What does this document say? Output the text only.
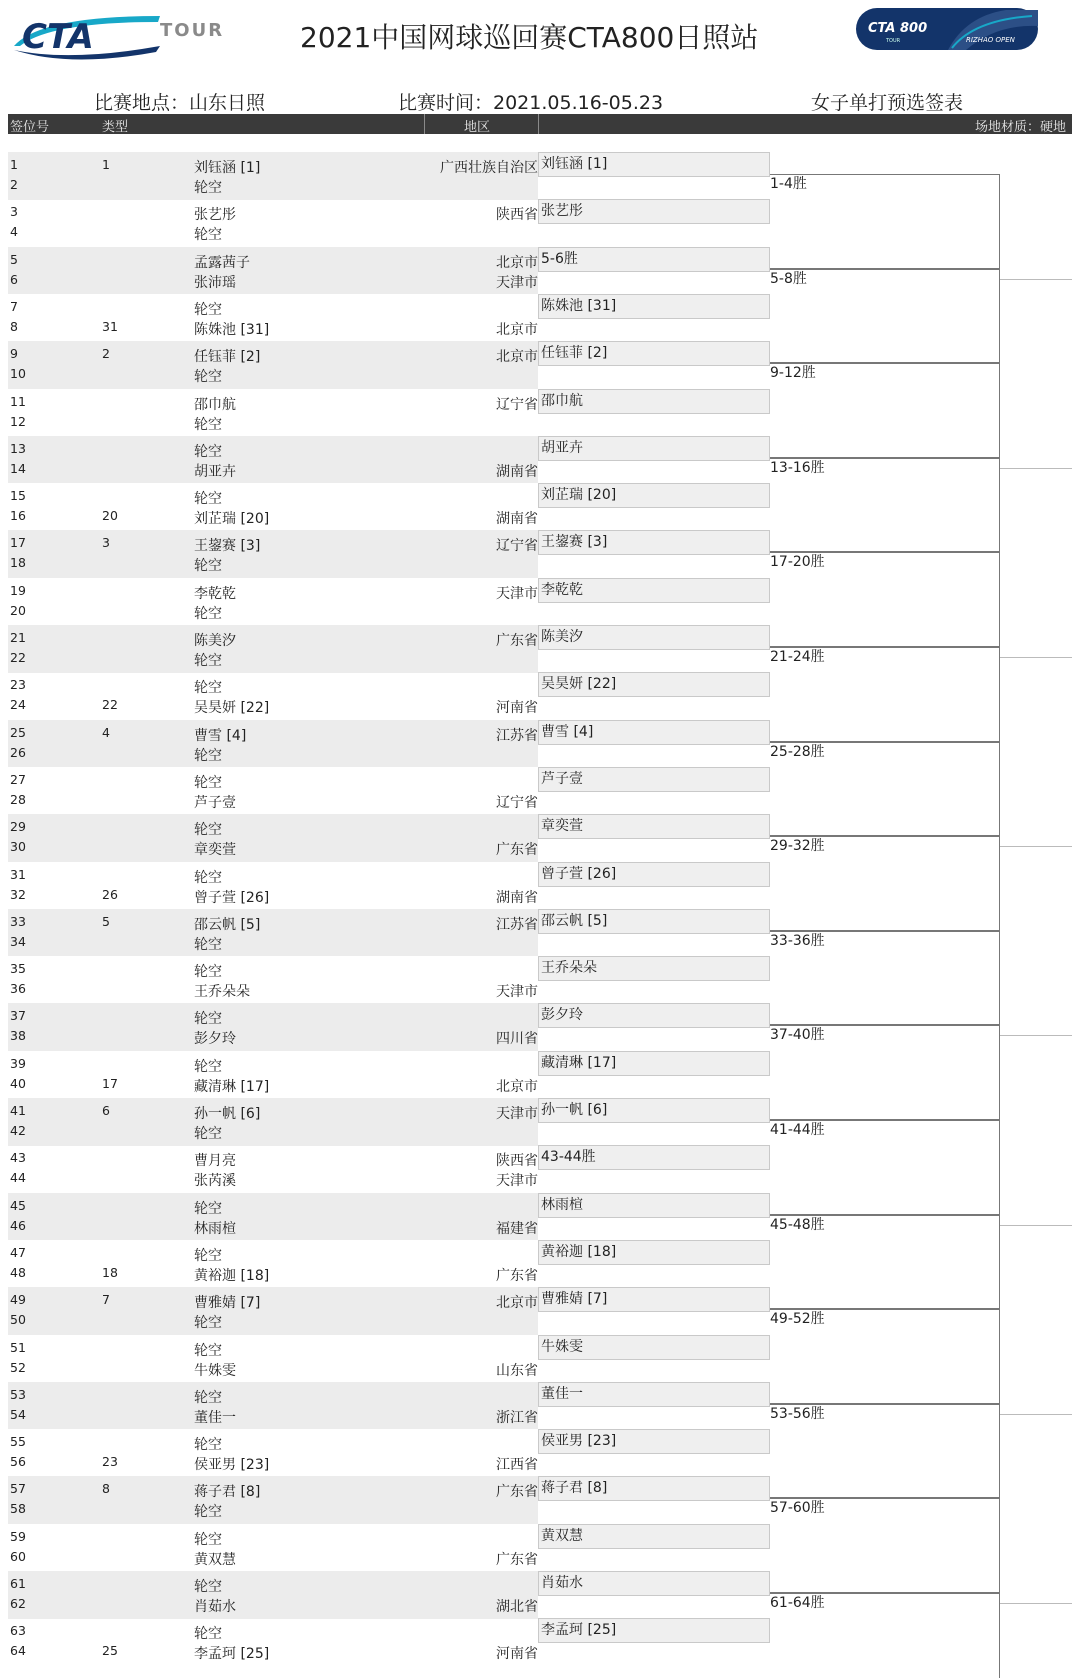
CTA	TOUR	2021中国网球巡回赛CTA800日照站	CTA 800
TOUR	RIZHAO OPEN
比赛地点：山东日照	比赛时间：2021.05.16-05.23	女子单打预选签表
签位号	类型	地区	场地材质：硬地
1	1	刘钰涵 [1]	广西壮族自治区
2	轮空
3	张艺彤	陕西省
4	轮空
5	孟露茜子	北京市
6	张沛瑶	天津市
7	轮空
8	31	陈姝池 [31]	北京市
9	2	任钰菲 [2]	北京市
10	轮空
11	邵巾航	辽宁省
12	轮空
13	轮空
14	胡亚卉	湖南省
15	轮空
16	20	刘芷瑞 [20]	湖南省
17	3	王鋆赛 [3]	辽宁省
18	轮空
19	李乾乾	天津市
20	轮空
21	陈美汐	广东省
22	轮空
23	轮空
24	22	吴昊妍 [22]	河南省
25	4	曹雪 [4]	江苏省
26	轮空
27	轮空
28	芦子壹	辽宁省
29	轮空
30	章奕萱	广东省
31	轮空
32	26	曾子萱 [26]	湖南省
33	5	邵云帆 [5]	江苏省
34	轮空
35	轮空
36	王乔朵朵	天津市
37	轮空
38	彭夕玲	四川省
39	轮空
40	17	藏清琳 [17]	北京市
41	6	孙一帆 [6]	天津市
42	轮空
43	曹月亮	陕西省
44	张芮溪	天津市
45	轮空
46	林雨楦	福建省
47	轮空
48	18	黄裕迦 [18]	广东省
49	7	曹雅婧 [7]	北京市
50	轮空
51	轮空
52	牛姝雯	山东省
53	轮空
54	董佳一	浙江省
55	轮空
56	23	侯亚男 [23]	江西省
57	8	蒋子君 [8]	广东省
58	轮空
59	轮空
60	黄双慧	广东省
61	轮空
62	肖茹水	湖北省
63	轮空
64	25	李孟珂 [25]	河南省
刘钰涵 [1]
张艺彤
5-6胜
陈姝池 [31]
任钰菲 [2]
邵巾航
胡亚卉
刘芷瑞 [20]
王鋆赛 [3]
李乾乾
陈美汐
吴昊妍 [22]
曹雪 [4]
芦子壹
章奕萱
曾子萱 [26]
邵云帆 [5]
王乔朵朵
彭夕玲
藏清琳 [17]
孙一帆 [6]
43-44胜
林雨楦
黄裕迦 [18]
曹雅婧 [7]
牛姝雯
董佳一
侯亚男 [23]
蒋子君 [8]
黄双慧
肖茹水
李孟珂 [25]
1-4胜
5-8胜
9-12胜
13-16胜
17-20胜
21-24胜
25-28胜
29-32胜
33-36胜
37-40胜
41-44胜
45-48胜
49-52胜
53-56胜
57-60胜
61-64胜
